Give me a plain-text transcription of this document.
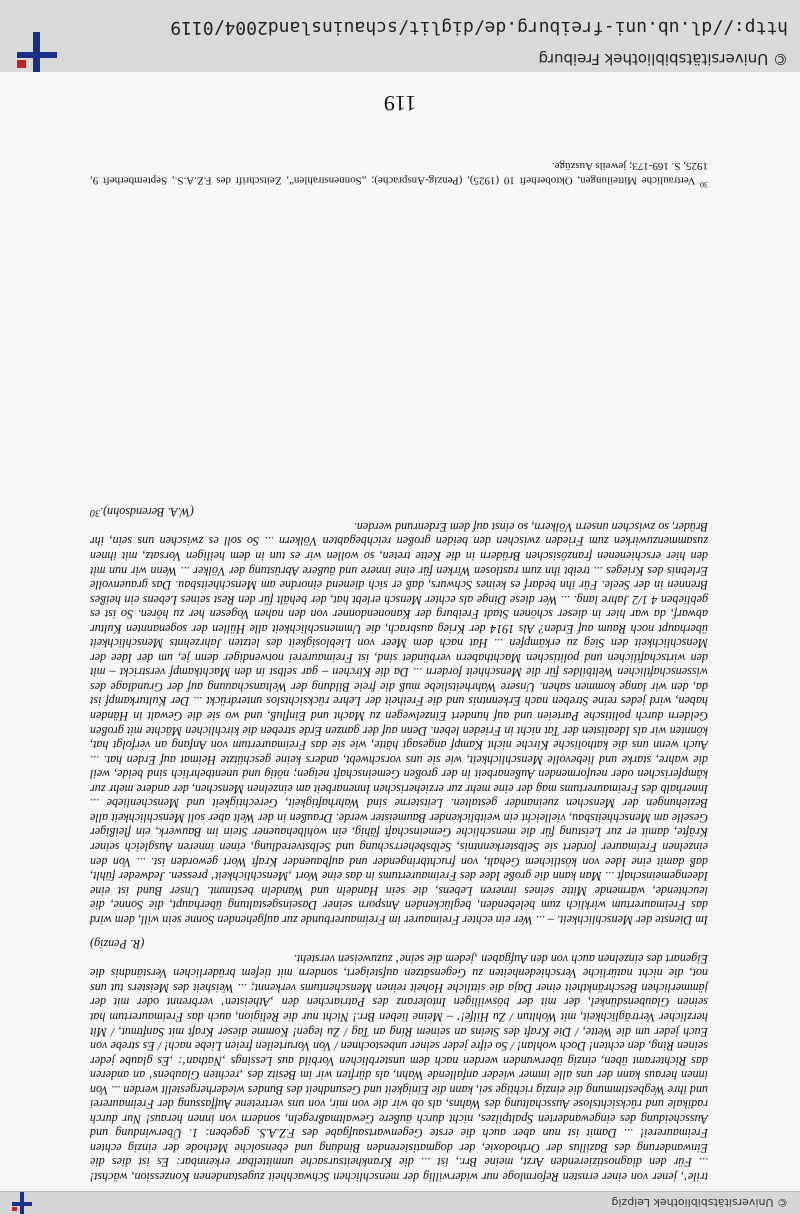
© Universitätsbibliothek Leipzig

trile‘, jener von einer ernsten Reformloge nur widerwillig der menschlichen Schwachheit zugestandenen Konzession, wächst! ... Für den diagnostizierenden Arzt, meine Brr., ist ... die Krankheitsursache unmittelbar erkennbar: Es ist dies die Einwanderung des Bazillus der Orthodoxie, der dogmatisierenden Bindung und ebensolche Methode der einzig echten Freimaurerei! ... Damit ist nun aber auch die erste Gegenwartsaufgabe des F.Z.A.S. gegeben: 1. Überwindung und Ausscheidung des eingewanderten Spaltpilzes, nicht durch äußere Gewaltmaßregeln, sondern von innen heraus! Nur durch radikale und rücksichtslose Ausschaltung des Wahns, als ob wir die von mir, von uns vertretene Auffassung der Freimaurerei und ihre Wegbestimmung die einzig richtige sei, kann die Einigkeit und Gesundheit des Bundes wiederhergestellt werden ... Von innen heraus kann der uns alle immer wieder anfallende Wahn, als dürften wir im Besitz des ‚rechten Glaubens‘ an anderen das Richteramt üben, einzig überwunden werden nach dem unsterblichen Vorbild aus Lessings ‚Nathan‘: ‚Es glaube jeder seinen Ring, den echten! Doch wohlan! / So eifre jeder seiner unbestochnen / Von Vorurteilen freien Liebe nach! / Es strebe von Euch jeder um die Wette, / Die Kraft des Steins an seinem Ring an Tag / Zu legen! Komme dieser Kraft mit Sanftmut, / Mit herzlicher Verträglichkeit, mit Wohltun / Zu Hilfe!‘ – Meine lieben Brr.! Nicht nur die Religion, auch das Freimaurertum hat seinen Glaubensdünkel, der mit der böswilligen Intoleranz des Patriarchen den ‚Atheisten‘ verbrennt oder mit der jämmerlichen Beschränktheit einer Daja die sittliche Hoheit reinen Menschentums verkennt; ... Weisheit des Meisters tut uns not, die nicht natürliche Verschiedenheiten zu Gegensätzen aufsteigert, sondern mit tiefem brüderlichen Verständnis die Eigenart des einzelnen auch von den Aufgaben ‚jedem die seine‘ zuzuweisen versteht.

(R. Penzig)

Im Dienste der Menschlichkeit. – ... Wer ein echter Freimaurer im Freimaurerbunde zur aufgehenden Sonne sein will, dem wird das Freimaurertum wirklich zum belebenden, beglückenden Ansporn seiner Daseinsgestaltung überhaupt, die Sonne, die leuchtende, wärmende Mitte seines inneren Lebens, die sein Handeln und Wandeln bestimmt. Unser Bund ist eine Ideengemeinschaft ... Man kann die große Idee des Freimaurertums in das eine Wort ‚Menschlichkeit‘ pressen. Jedweder fühlt, daß damit eine Idee von köstlichem Gehalt, von fruchtbringender und aufbauender Kraft Wort geworden ist. ... Von den einzelnen Freimaurer fordert sie Selbsterkenntnis, Selbsbeherrschung und Selbstveredlung, einen inneren Ausgleich seiner Kräfte, damit er zur Leistung für die menschliche Gemeinschaft fähig, ein wohlbehauener Stein im Bauwerk, ein fleißiger Geselle am Menschheitsbau, vielleicht ein weitblickender Baumeister werde. Draußen in der Welt aber soll Menschlichkeit alle Beziehungen der Menschen zueinander gestalten. Leitsterne sind Wahrhaftigkeit, Gerechtigkeit und Menschenliebe ... Innerhalb des Freimaurertums mag der eine mehr zur erzieherischen Innenarbeit am einzelnen Menschen, der andere mehr zur kämpferischen oder neuformenden Außenarbeit in der großen Gemeinschaft neigen; nötig und unentbehrlich sind beide, weil die wahre, starke und liebevolle Menschlichkeit, wie sie uns vorschwebt, anders keine geschützte Heimat auf Erden hat. ... Auch wenn uns die katholische Kirche nicht Kampf angesagt hätte, wie sie das Freimaurertum von Anfang an verfolgt hat, könnten wir als Idealisten der Tat nicht in Frieden leben. Denn auf der ganzen Erde streben die kirchlichen Mächte mit großen Geldern durch politische Parteien und auf hundert Einzelwegen zu Macht und Einfluß, und wo sie die Gewalt in Händen haben, wird jedes reine Streben nach Erkenntnis und die Freiheit der Lehre rücksichtslos unterdrückt ... Der Kulturkampf ist da, den wir lange kommen sahen. Unsere Wahrheitsliebe muß die freie Bildung der Weltanschauung auf der Grundlage des wissenschaftlichen Weltbildes für die Menschheit fordern ... Da die Kirchen – gar selbst in den Machtkampf verstrickt – mit den wirtschaftlichen und politischen Machthabern verbündet sind, ist Freimaurerei notwendiger denn je, um der Idee der Menschlichkeit den Sieg zu erkämpfen ... Hat nach dem Meer von Lieblosigkeit des letzten Jahrzehnts Menschlichkeit überhaupt noch Raum auf Erden? Als 1914 der Krieg ausbrach, die Ummenschlichkeit alle Hüllen der sogenannten Kultur abwarf, da war hier in dieser schönen Stadt Freiburg der Kanonendonner von den nahen Vogesen her zu hören. So ist es geblieben 4 1/2 Jahre lang. ... Wer diese Dinge als echter Mensch erlebt hat, der behält für den Rest seines Lebens ein heißes Brennen in der Seele. Für ihn bedarf es keines Schwurs, daß er sich dienend einordne am Menschheitsbau. Das grauenvolle Erlebnis des Krieges ... treibt ihn zum rastlosen Wirken für eine innere und äußere Abrüstung der Völker ... Wenn wir nun mit den hier erschienenen französischen Brüdern in die Kette treten, so wollen wir es tun in dem heiligen Vorsatz, mit ihnen zusammenzuwirken zum Frieden zwischen den beiden großen reichbegabten Völkern ... So soll es zwischen uns sein, ihr Brüder, so zwischen unsern Völkern, so einst auf dem Erdenrund werden.

(W.A. Berendsohn).
30
$^{30}$ Vertrauliche Mitteilungen, Oktoberheft 10 (1925), (Penzig-Ansprache); „Sonnenstrahlen“, Zeitschrift des F.Z.A.S., Septemberheft 9, 1925, S. 169-173; jeweils Auszüge.
119
© Universitätsbibliothek Freiburg
http://dl.ub.uni-freiburg.de/diglit/schauinsland2004/0119
